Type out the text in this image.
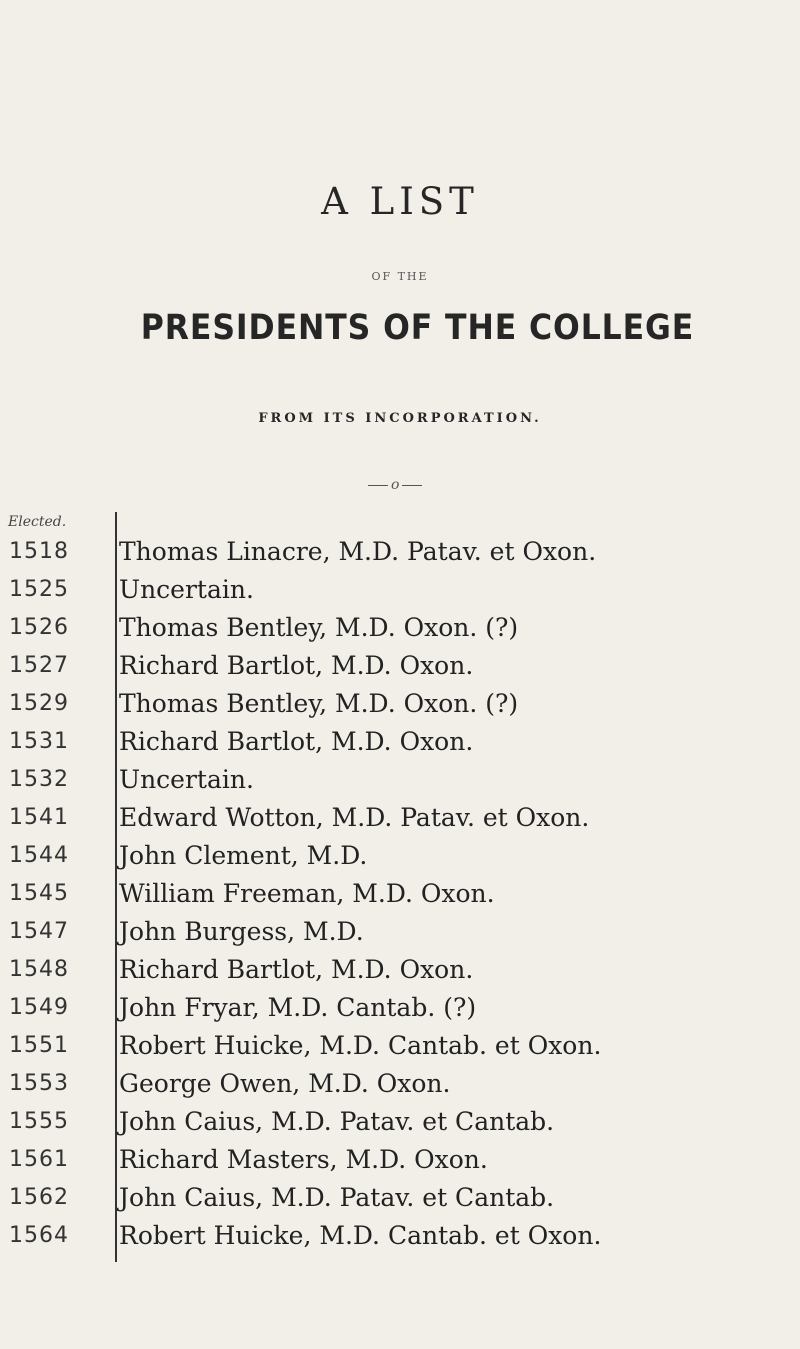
A LIST
OF THE
PRESIDENTS OF THE COLLEGE
FROM ITS INCORPORATION.
o
Elected.
1518	Thomas Linacre, M.D. Patav. et Oxon.
1525	Uncertain.
1526	Thomas Bentley, M.D. Oxon. (?)
1527	Richard Bartlot, M.D. Oxon.
1529	Thomas Bentley, M.D. Oxon. (?)
1531	Richard Bartlot, M.D. Oxon.
1532	Uncertain.
1541	Edward Wotton, M.D. Patav. et Oxon.
1544	John Clement, M.D.
1545	William Freeman, M.D. Oxon.
1547	John Burgess, M.D.
1548	Richard Bartlot, M.D. Oxon.
1549	John Fryar, M.D. Cantab. (?)
1551	Robert Huicke, M.D. Cantab. et Oxon.
1553	George Owen, M.D. Oxon.
1555	John Caius, M.D. Patav. et Cantab.
1561	Richard Masters, M.D. Oxon.
1562	John Caius, M.D. Patav. et Cantab.
1564	Robert Huicke, M.D. Cantab. et Oxon.
